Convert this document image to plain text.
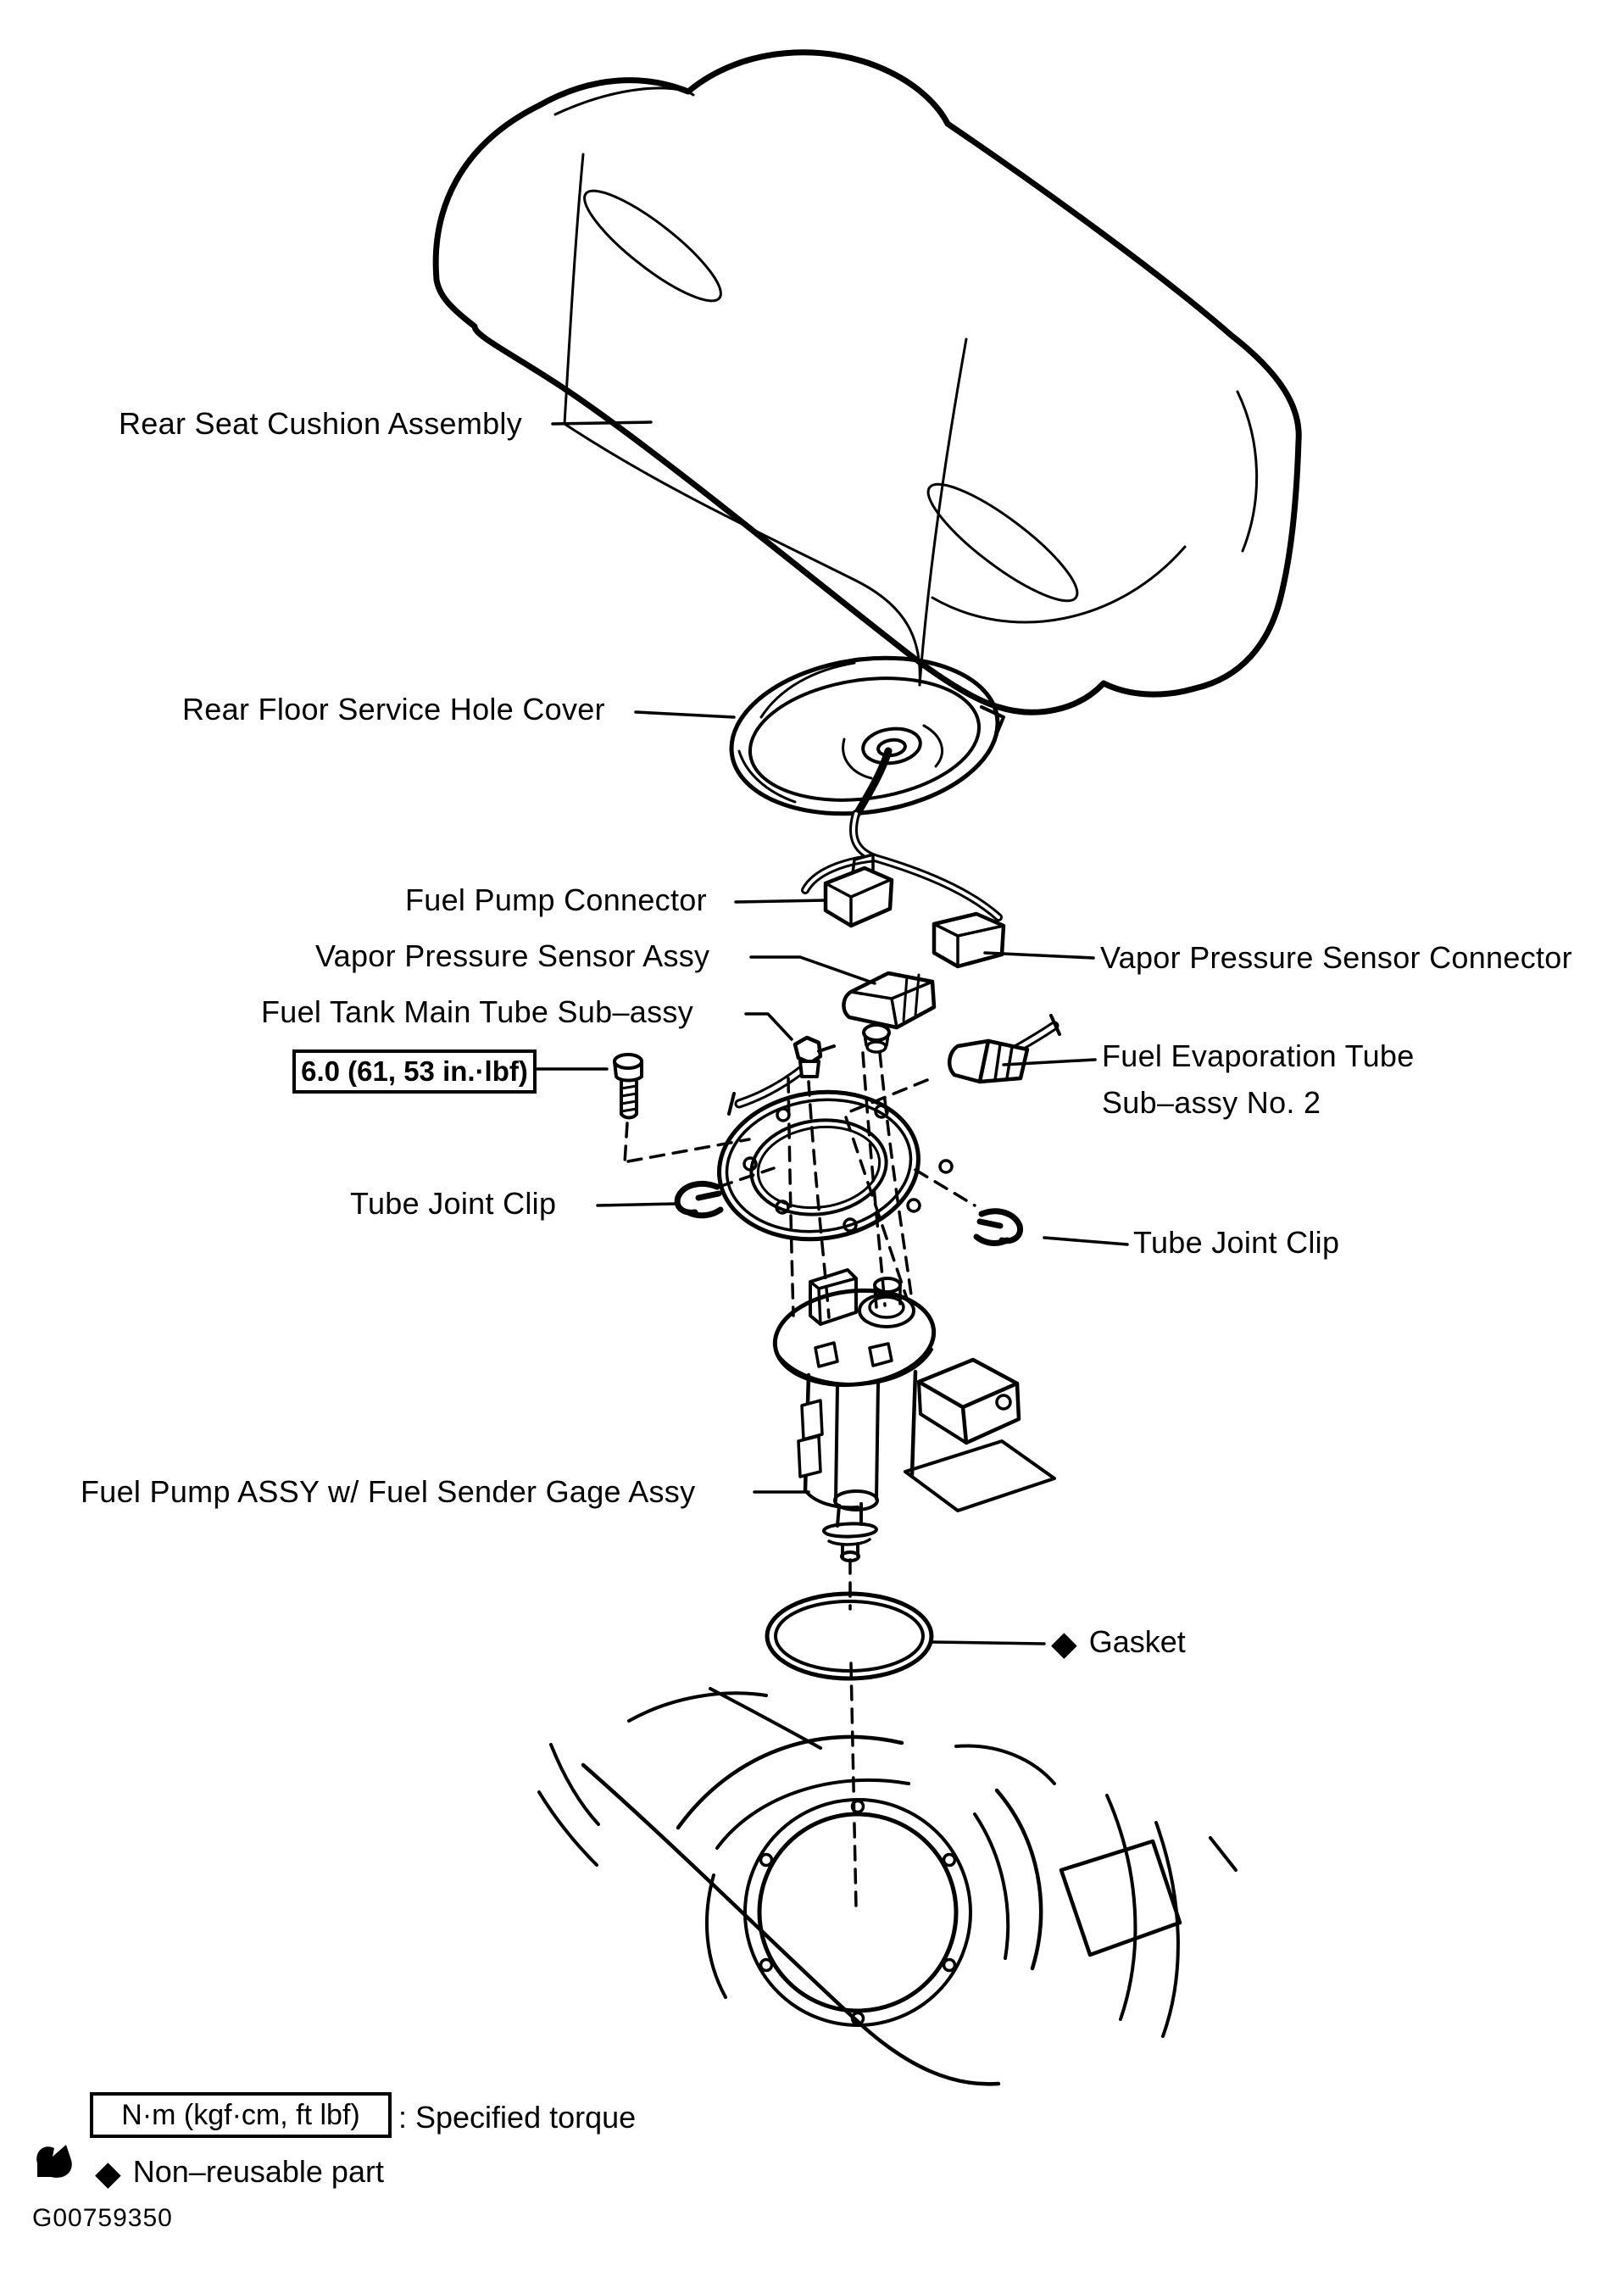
Rear Seat Cushion Assembly
Rear Floor Service Hole Cover
Fuel Pump Connector
Vapor Pressure Sensor Assy
Fuel Tank Main Tube Sub–assy
Vapor Pressure Sensor Connector
Fuel Evaporation Tube
Sub–assy No. 2
Tube Joint Clip
Tube Joint Clip
Fuel Pump ASSY w/ Fuel Sender Gage Assy
◆ Gasket
6.0 (61, 53 in.·lbf)
N·m (kgf·cm, ft lbf)	: Specified torque
◆ Non–reusable part
G00759350
